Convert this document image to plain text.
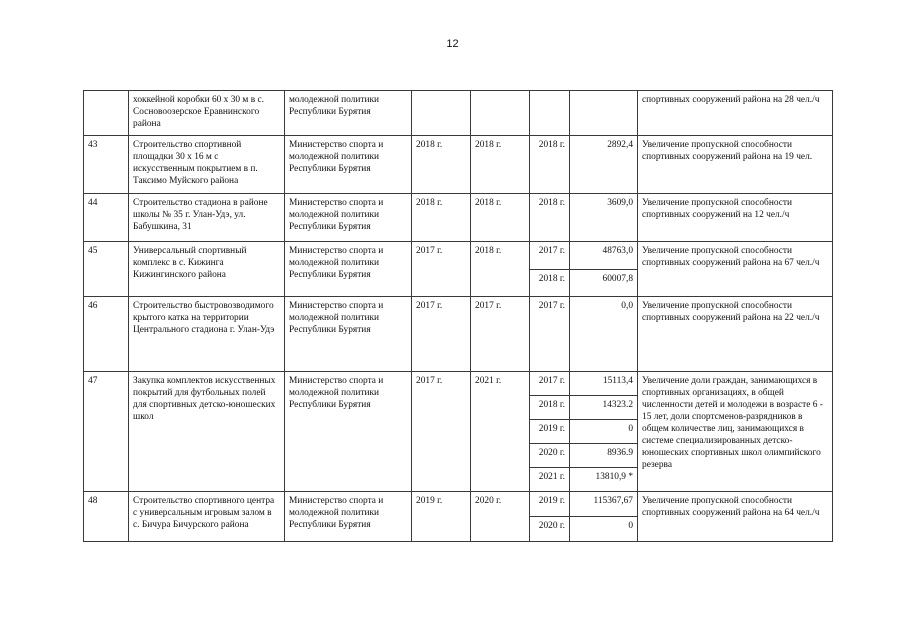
12
	хоккейной коробки 60 х 30 м в с. Сосновоозерское Еравнинского района	молодежной политики Республики Бурятия					спортивных сооружений района на 28 чел./ч
43	Строительство спортивной площадки 30 х 16 м с искусственным покрытием в п. Таксимо Муйского района	Министерство спорта и молодежной политики Республики Бурятия	2018 г.	2018 г.	2018 г.	2892,4	Увеличение пропускной способности спортивных сооружений района на 19 чел.
44	Строительство стадиона в районе школы № 35 г. Улан-Удэ, ул. Бабушкина, 31	Министерство спорта и молодежной политики Республики Бурятия	2018 г.	2018 г.	2018 г.	3609,0	Увеличение пропускной способности спортивных сооружений на 12 чел./ч
45	Универсальный спортивный комплекс в с. Кижинга Кижингинского района	Министерство спорта и молодежной политики Республики Бурятия	2017 г.	2018 г.	2017 г.	48763,0	Увеличение пропускной способности спортивных сооружений района на 67 чел./ч
					2018 г.	60007,8	
46	Строительство быстровозводимого крытого катка на территории Центрального стадиона г. Улан-Удэ	Министерство спорта и молодежной политики Республики Бурятия	2017 г.	2017 г.	2017 г.	0,0	Увеличение пропускной способности спортивных сооружений района на 22 чел./ч
47	Закупка комплектов искусственных покрытий для футбольных полей для спортивных детско-юношеских школ	Министерство спорта и молодежной политики Республики Бурятия	2017 г.	2021 г.	2017 г.	15113,4	Увеличение доли граждан, занимающихся в спортивных организациях, в общей численности детей и молодежи в возрасте 6 - 15 лет, доли спортсменов-разрядников в общем количестве лиц, занимающихся в системе специализированных детско-юношеских спортивных школ олимпийского резерва
					2018 г.	14323.2	
					2019 г.	0	
					2020 г.	8936.9	
					2021 г.	13810,9 *	
48	Строительство спортивного центра с универсальным игровым залом в с. Бичура Бичурского района	Министерство спорта и молодежной политики Республики Бурятия	2019 г.	2020 г.	2019 г.	115367,67	Увеличение пропускной способности спортивных сооружений района на 64 чел./ч
					2020 г.	0	
